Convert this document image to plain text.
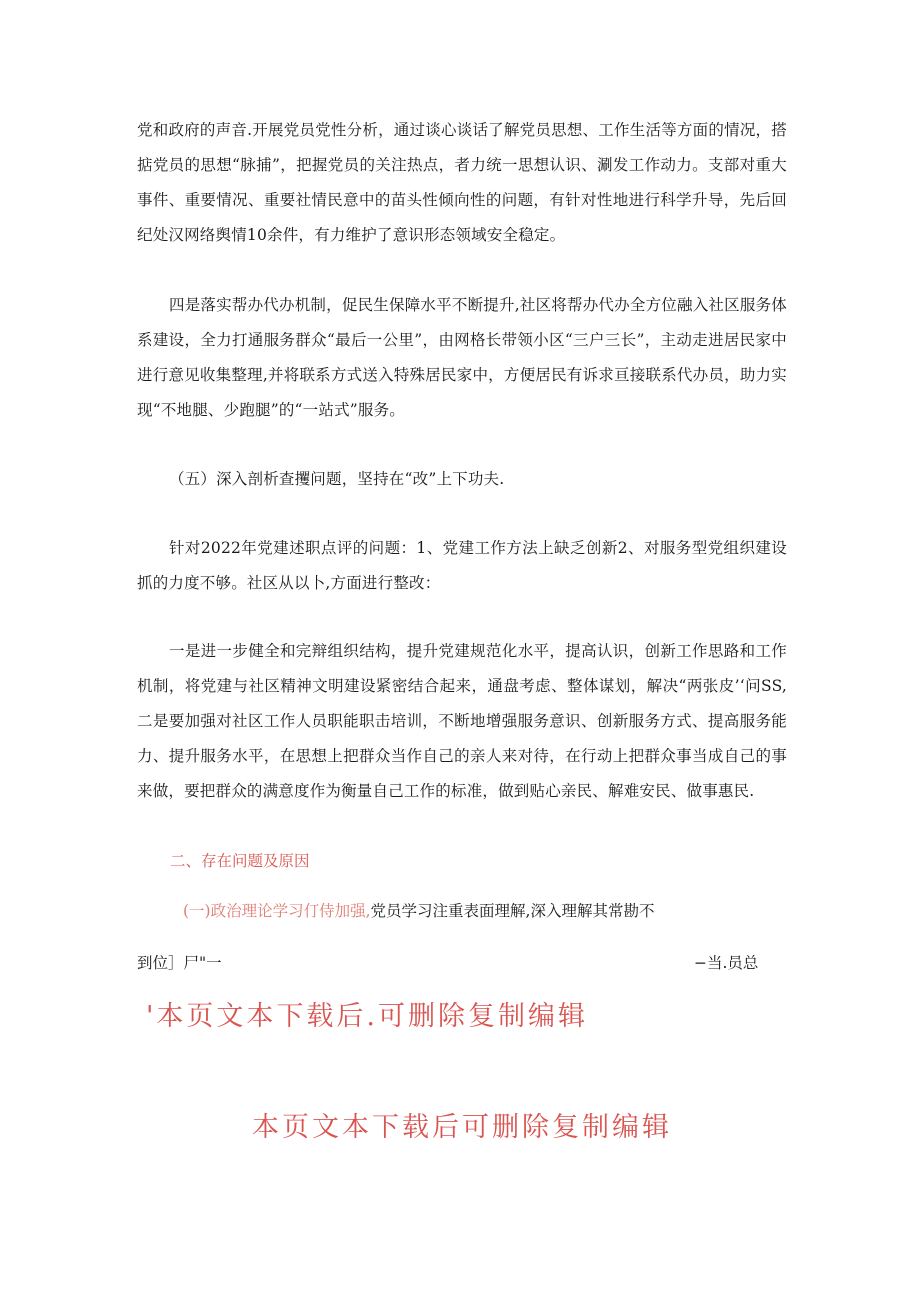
党和政府的声音.开展党员党性分析，通过谈心谈话了解党员思想、工作生活等方面的情况，搭掂党员的思想“脉捕”，把握党员的关注热点，者力统一思想认识、涮发工作动力。支部对重大事件、重要情况、重要社情民意中的苗头性倾向性的问题，有针对性地进行科学升导，先后回纪处汉网络舆情10余件，有力维护了意识形态领域安全稳定。

四是落实帮办代办机制，促民生保障水平不断提升,社区将帮办代办全方位融入社区服务体系建设，全力打通服务群众“最后一公里”，由网格长带领小区“三户三长”，主动走进居民家中进行意见收集整理,并将联系方式送入特殊居民家中，方便居民有诉求亘接联系代办员，助力实现“不地腿、少跑腿”的“一站式”服务。

（五）深入剖析查攫问题，坚持在“改”上下功夫.

针对2022年党建述职点评的问题：1、党建工作方法上缺乏创新2、对服务型党组织建设抓的力度不够。社区从以卜,方面进行整改：

一是进一步健全和完辩组织结构，提升党建规范化水平，提高认识，创新工作思路和工作机制，将党建与社区精神文明建设紧密结合起来，通盘考虑、整体谋划，解决“两张皮’‘问SS,二是要加强对社区工作人员职能职击培训，不断地增强服务意识、创新服务方式、提高服务能力、提升服务水平，在思想上把群众当作自己的亲人来对待，在行动上把群众事当成自己的事来做，要把群众的满意度作为衡量自己工作的标准，做到贴心亲民、解难安民、做事惠民.

二、存在问题及原因

(一)政治理论学习仃侍加强,党员学习注重表面理解,深入理解其常勘不

到位］尸"一	−当.员总

'本页文本下载后.可删除复制编辑

本页文本下载后可删除复制编辑
